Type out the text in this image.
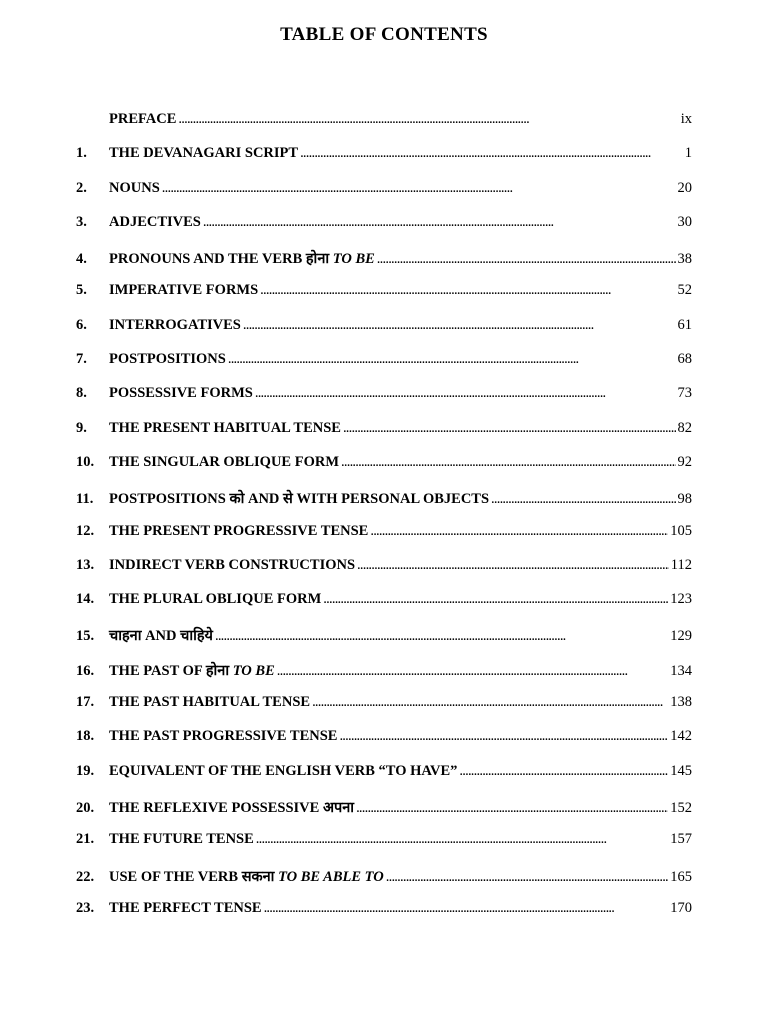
TABLE OF CONTENTS
PREFACE . . .	ix
1.	THE DEVANAGARI SCRIPT . . .	1
2.	NOUNS . . .	20
3.	ADJECTIVES . . .	30
4.	PRONOUNS AND THE VERB होना TO BE . . .	38
5.	IMPERATIVE FORMS . . .	52
6.	INTERROGATIVES . . .	61
7.	POSTPOSITIONS . . .	68
8.	POSSESSIVE FORMS . . .	73
9.	THE PRESENT HABITUAL TENSE . . .	82
10.	THE SINGULAR OBLIQUE FORM . . .	92
11.	POSTPOSITIONS को AND से WITH PERSONAL OBJECTS . . .	98
12.	THE PRESENT PROGRESSIVE TENSE . . .	105
13.	INDIRECT VERB CONSTRUCTIONS . . .	112
14.	THE PLURAL OBLIQUE FORM . . .	123
15.	चाहना AND चाहिये . . .	129
16.	THE PAST OF होना TO BE . . .	134
17.	THE PAST HABITUAL TENSE . . .	138
18.	THE PAST PROGRESSIVE TENSE . . .	142
19.	EQUIVALENT OF THE ENGLISH VERB “TO HAVE” . . .	145
20.	THE REFLEXIVE POSSESSIVE अपना . . .	152
21.	THE FUTURE TENSE . . .	157
22.	USE OF THE VERB सकना TO BE ABLE TO . . .	165
23.	THE PERFECT TENSE . . .	170
